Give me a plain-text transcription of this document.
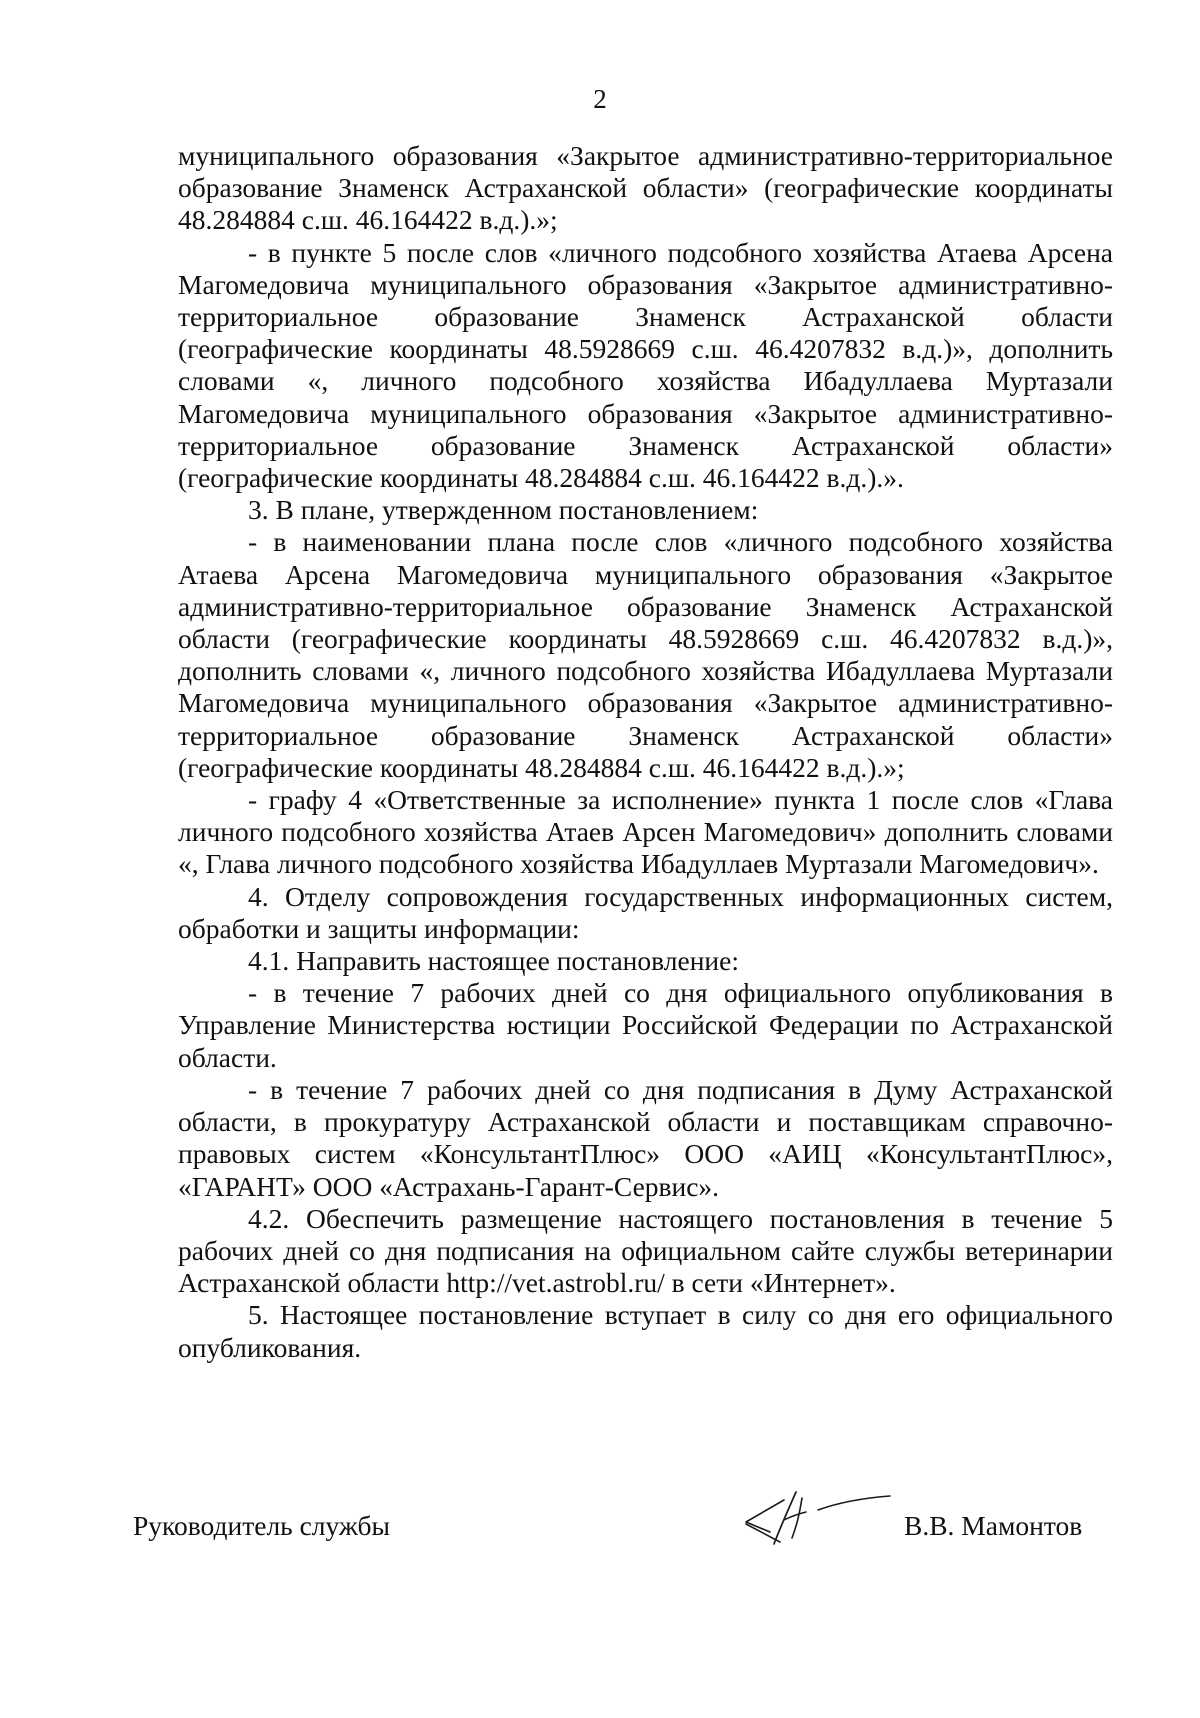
2

муниципального образования «Закрытое административно-территориальное образование Знаменск Астраханской области» (географические координаты 48.284884 с.ш. 46.164422 в.д.).»;

- в пункте 5 после слов «личного подсобного хозяйства Атаева Арсена Магомедовича муниципального образования «Закрытое административно-территориальное образование Знаменск Астраханской области (географические координаты 48.5928669 с.ш. 46.4207832 в.д.)», дополнить словами «, личного подсобного хозяйства Ибадуллаева Муртазали Магомедовича муниципального образования «Закрытое административно-территориальное образование Знаменск Астраханской области» (географические координаты 48.284884 с.ш. 46.164422 в.д.).».

3. В плане, утвержденном постановлением:

- в наименовании плана после слов «личного подсобного хозяйства Атаева Арсена Магомедовича муниципального образования «Закрытое административно-территориальное образование Знаменск Астраханской области (географические координаты 48.5928669 с.ш. 46.4207832 в.д.)», дополнить словами «, личного подсобного хозяйства Ибадуллаева Муртазали Магомедовича муниципального образования «Закрытое административно-территориальное образование Знаменск Астраханской области» (географические координаты 48.284884 с.ш. 46.164422 в.д.).»;

- графу 4 «Ответственные за исполнение» пункта 1 после слов «Глава личного подсобного хозяйства Атаев Арсен Магомедович» дополнить словами «, Глава личного подсобного хозяйства Ибадуллаев Муртазали Магомедович».

4. Отделу сопровождения государственных информационных систем, обработки и защиты информации:

4.1. Направить настоящее постановление:

- в течение 7 рабочих дней со дня официального опубликования в Управление Министерства юстиции Российской Федерации по Астраханской области.

- в течение 7 рабочих дней со дня подписания в Думу Астраханской области, в прокуратуру Астраханской области и поставщикам справочно-правовых систем «КонсультантПлюс» ООО «АИЦ «КонсультантПлюс», «ГАРАНТ» ООО «Астрахань-Гарант-Сервис».

4.2. Обеспечить размещение настоящего постановления в течение 5 рабочих дней со дня подписания на официальном сайте службы ветеринарии Астраханской области http://vet.astrobl.ru/ в сети «Интернет».

5. Настоящее постановление вступает в силу со дня его официального опубликования.

Руководитель службы	В.В. Мамонтов
